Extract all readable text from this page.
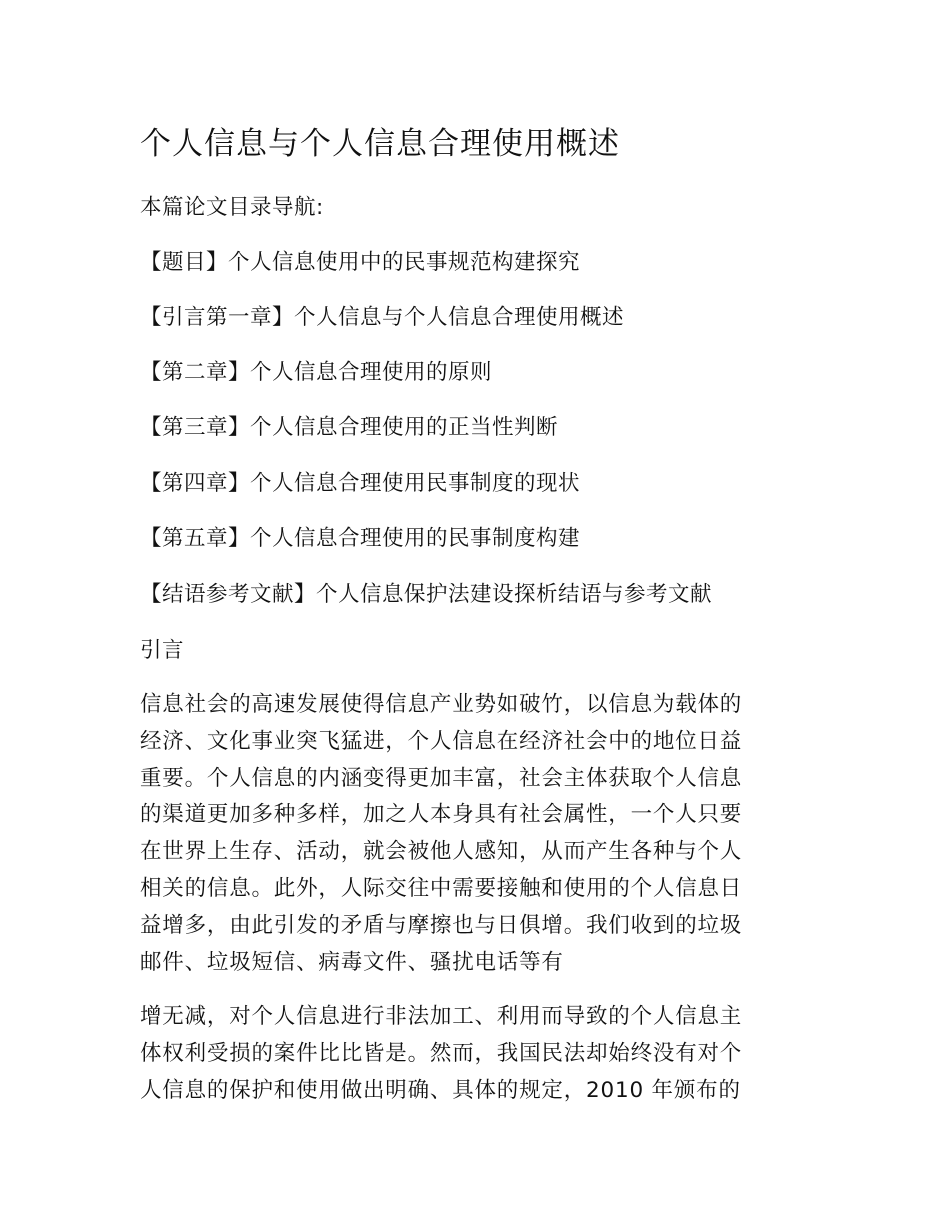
个人信息与个人信息合理使用概述
本篇论文目录导航:
【题目】个人信息使用中的民事规范构建探究
【引言第一章】个人信息与个人信息合理使用概述
【第二章】个人信息合理使用的原则
【第三章】个人信息合理使用的正当性判断
【第四章】个人信息合理使用民事制度的现状
【第五章】个人信息合理使用的民事制度构建
【结语参考文献】个人信息保护法建设探析结语与参考文献
引言
信息社会的高速发展使得信息产业势如破竹，以信息为载体的
经济、文化事业突飞猛进，个人信息在经济社会中的地位日益
重要。个人信息的内涵变得更加丰富，社会主体获取个人信息
的渠道更加多种多样，加之人本身具有社会属性，一个人只要
在世界上生存、活动，就会被他人感知，从而产生各种与个人
相关的信息。此外，人际交往中需要接触和使用的个人信息日
益增多，由此引发的矛盾与摩擦也与日俱增。我们收到的垃圾
邮件、垃圾短信、病毒文件、骚扰电话等有
增无减，对个人信息进行非法加工、利用而导致的个人信息主
体权利受损的案件比比皆是。然而，我国民法却始终没有对个
人信息的保护和使用做出明确、具体的规定，2010 年颁布的
